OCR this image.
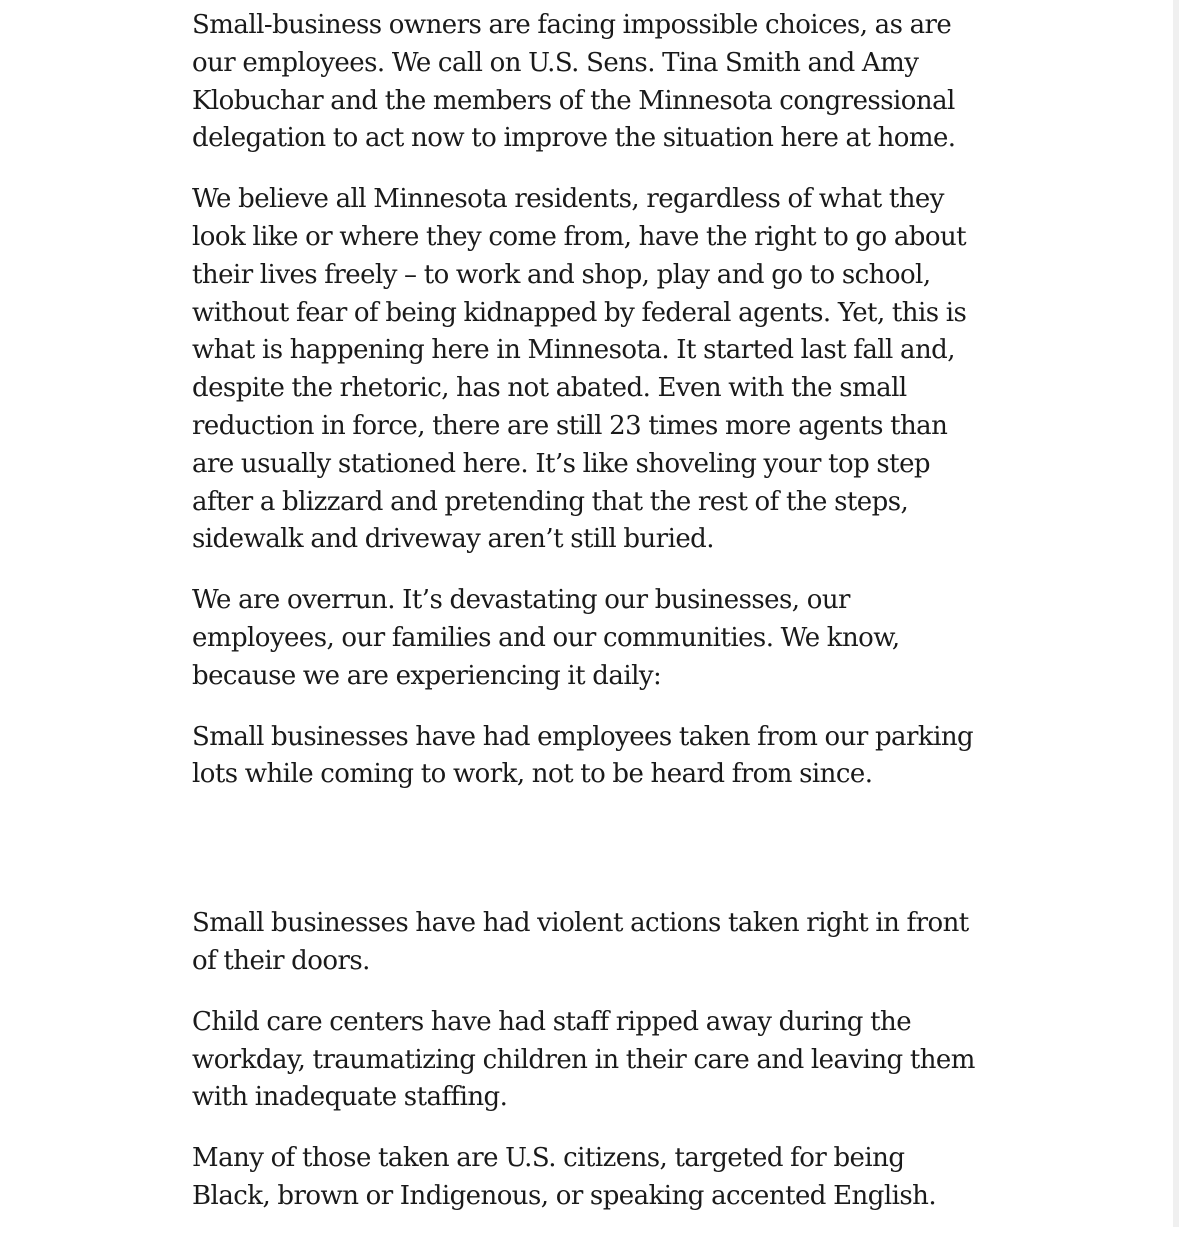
Small-business owners are facing impossible choices, as are our employees. We call on U.S. Sens. Tina Smith and Amy Klobuchar and the members of the Minnesota congressional delegation to act now to improve the situation here at home.

We believe all Minnesota residents, regardless of what they look like or where they come from, have the right to go about their lives freely – to work and shop, play and go to school, without fear of being kidnapped by federal agents. Yet, this is what is happening here in Minnesota. It started last fall and, despite the rhetoric, has not abated. Even with the small reduction in force, there are still 23 times more agents than are usually stationed here. It’s like shoveling your top step after a blizzard and pretending that the rest of the steps, sidewalk and driveway aren’t still buried.

We are overrun. It’s devastating our businesses, our employees, our families and our communities. We know, because we are experiencing it daily:

Small businesses have had employees taken from our parking lots while coming to work, not to be heard from since.

Small businesses have had violent actions taken right in front of their doors.

Child care centers have had staff ripped away during the workday, traumatizing children in their care and leaving them with inadequate staffing.

Many of those taken are U.S. citizens, targeted for being Black, brown or Indigenous, or speaking accented English.
